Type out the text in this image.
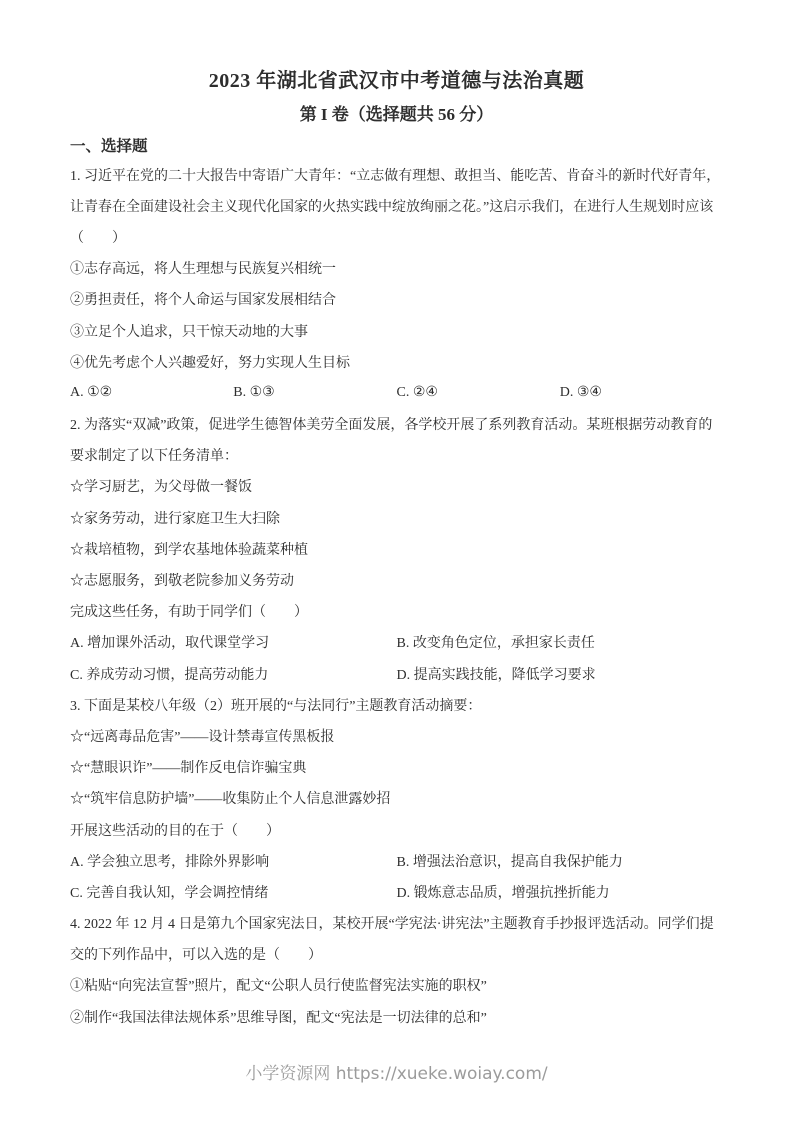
2023 年湖北省武汉市中考道德与法治真题
第 I 卷（选择题共 56 分）
一、选择题
1. 习近平在党的二十大报告中寄语广大青年：“立志做有理想、敢担当、能吃苦、肯奋斗的新时代好青年，
让青春在全面建设社会主义现代化国家的火热实践中绽放绚丽之花。”这启示我们，在进行人生规划时应该
（　　）
①志存高远，将人生理想与民族复兴相统一
②勇担责任，将个人命运与国家发展相结合
③立足个人追求，只干惊天动地的大事
④优先考虑个人兴趣爱好，努力实现人生目标
A. ①②	B. ①③	C. ②④	D. ③④
2. 为落实“双减”政策，促进学生德智体美劳全面发展，各学校开展了系列教育活动。某班根据劳动教育的
要求制定了以下任务清单：
☆学习厨艺，为父母做一餐饭
☆家务劳动，进行家庭卫生大扫除
☆栽培植物，到学农基地体验蔬菜种植
☆志愿服务，到敬老院参加义务劳动
完成这些任务，有助于同学们（　　）
A. 增加课外活动，取代课堂学习	B. 改变角色定位，承担家长责任
C. 养成劳动习惯，提高劳动能力	D. 提高实践技能，降低学习要求
3. 下面是某校八年级（2）班开展的“与法同行”主题教育活动摘要：
☆“远离毒品危害”——设计禁毒宣传黑板报
☆“慧眼识诈”——制作反电信诈骗宝典
☆“筑牢信息防护墙”——收集防止个人信息泄露妙招
开展这些活动的目的在于（　　）
A. 学会独立思考，排除外界影响	B. 增强法治意识，提高自我保护能力
C. 完善自我认知，学会调控情绪	D. 锻炼意志品质，增强抗挫折能力
4. 2022 年 12 月 4 日是第九个国家宪法日，某校开展“学宪法·讲宪法”主题教育手抄报评选活动。同学们提
交的下列作品中，可以入选的是（　　）
①粘贴“向宪法宣誓”照片，配文“公职人员行使监督宪法实施的职权”
②制作“我国法律法规体系”思维导图，配文“宪法是一切法律的总和”
小学资源网 https://xueke.woiay.com/
